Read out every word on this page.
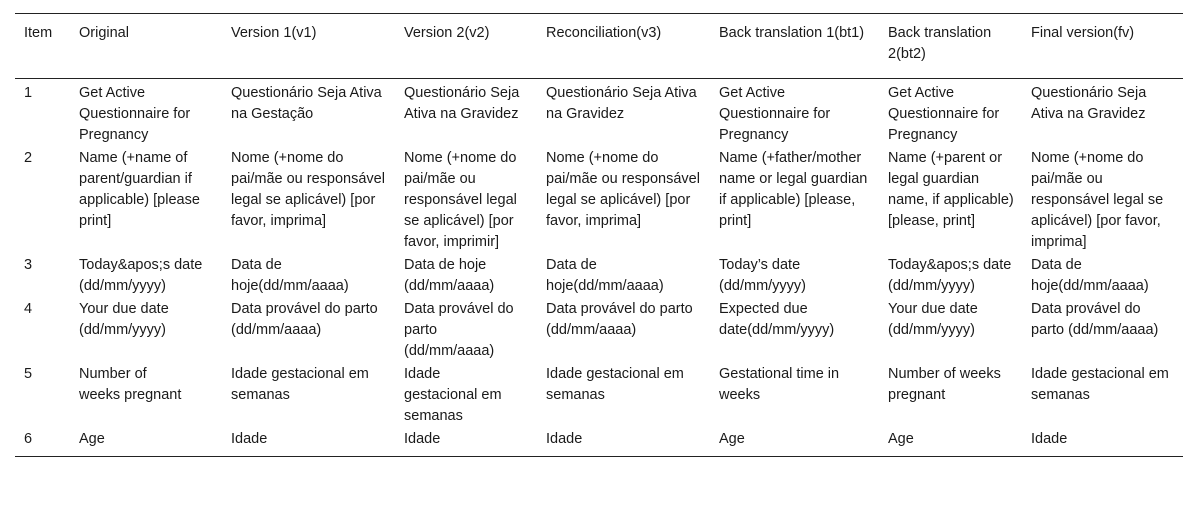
Item	Original	Version 1(v1)	Version 2(v2)	Reconciliation(v3)	Back translation 1(bt1)	Back translation 2(bt2)	Final version(fv)
1	Get Active Questionnaire for Pregnancy	Questionário Seja Ativa na Gestação	Questionário Seja Ativa na Gravidez	Questionário Seja Ativa na Gravidez	Get Active Questionnaire for Pregnancy	Get Active Questionnaire for Pregnancy	Questionário Seja Ativa na Gravidez
2	Name (+name of parent/guardian if applicable) [please print]	Nome (+nome do pai/mãe ou responsável legal se aplicável) [por favor, imprima]	Nome (+nome do pai/mãe ou responsável legal se aplicável) [por favor, imprimir]	Nome (+nome do pai/mãe ou responsável legal se aplicável) [por favor, imprima]	Name (+father/mother name or legal guardian if applicable) [please, print]	Name (+parent or legal guardian name, if applicable) [please, print]	Nome (+nome do pai/mãe ou responsável legal se aplicável) [por favor, imprima]
3	Today&apos;s date (dd/mm/yyyy)	Data de hoje(dd/mm/aaaa)	Data de hoje (dd/mm/aaaa)	Data de hoje(dd/mm/aaaa)	Today’s date (dd/mm/yyyy)	Today&apos;s date (dd/mm/yyyy)	Data de hoje(dd/mm/aaaa)
4	Your due date (dd/mm/yyyy)	Data provável do parto (dd/mm/aaaa)	Data provável do parto (dd/mm/aaaa)	Data provável do parto (dd/mm/aaaa)	Expected due date(dd/mm/yyyy)	Your due date (dd/mm/yyyy)	Data provável do parto (dd/mm/aaaa)
5	Number of weeks pregnant	Idade gestacional em semanas	Idade gestacional em semanas	Idade gestacional em semanas	Gestational time in weeks	Number of weeks pregnant	Idade gestacional em semanas
6	Age	Idade	Idade	Idade	Age	Age	Idade
